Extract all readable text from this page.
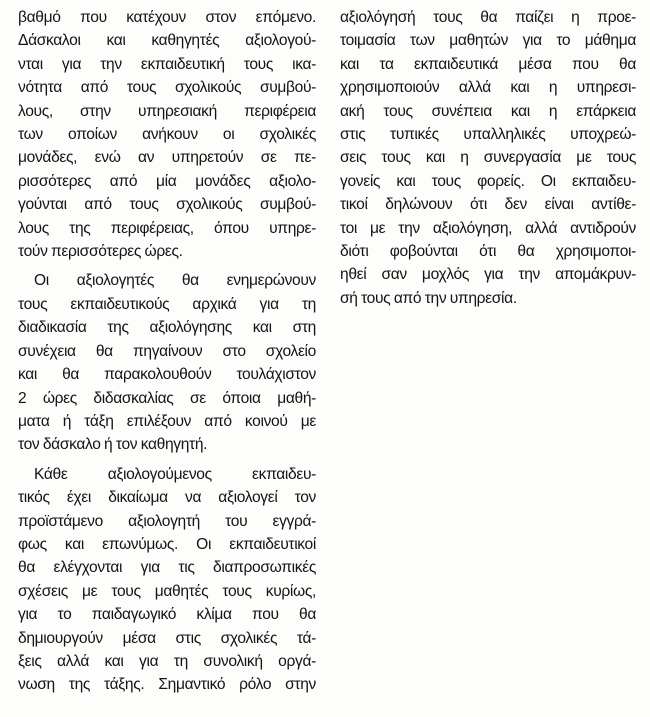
βαθμό που κατέχουν στον επόμενο.
Δάσκαλοι και καθηγητές αξιολογού-
νται για την εκπαιδευτική τους ικα-
νότητα από τους σχολικούς συμβού-
λους, στην υπηρεσιακή περιφέρεια
των οποίων ανήκουν οι σχολικές
μονάδες, ενώ αν υπηρετούν σε πε-
ρισσότερες από μία μονάδες αξιολο-
γούνται από τους σχολικούς συμβού-
λους της περιφέρειας, όπου υπηρε-
τούν περισσότερες ώρες.
Οι αξιολογητές θα ενημερώνουν
τους εκπαιδευτικούς αρχικά για τη
διαδικασία της αξιολόγησης και στη
συνέχεια θα πηγαίνουν στο σχολείο
και θα παρακολουθούν τουλάχιστον
2 ώρες διδασκαλίας σε όποια μαθή-
ματα ή τάξη επιλέξουν από κοινού με
τον δάσκαλο ή τον καθηγητή.
Κάθε αξιολογούμενος εκπαιδευ-
τικός έχει δικαίωμα να αξιολογεί τον
προϊστάμενο αξιολογητή του εγγρά-
φως και επωνύμως. Οι εκπαιδευτικοί
θα ελέγχονται για τις διαπροσωπικές
σχέσεις με τους μαθητές τους κυρίως,
για το παιδαγωγικό κλίμα που θα
δημιουργούν μέσα στις σχολικές τά-
ξεις αλλά και για τη συνολική οργά-
νωση της τάξης. Σημαντικό ρόλο στην
αξιολόγησή τους θα παίζει η προε-
τοιμασία των μαθητών για το μάθημα
και τα εκπαιδευτικά μέσα που θα
χρησιμοποιούν αλλά και η υπηρεσι-
ακή τους συνέπεια και η επάρκεια
στις τυπικές υπαλληλικές υποχρεώ-
σεις τους και η συνεργασία με τους
γονείς και τους φορείς. Οι εκπαιδευ-
τικοί δηλώνουν ότι δεν είναι αντίθε-
τοι με την αξιολόγηση, αλλά αντιδρούν
διότι φοβούνται ότι θα χρησιμοποι-
ηθεί σαν μοχλός για την απομάκρυν-
σή τους από την υπηρεσία.
